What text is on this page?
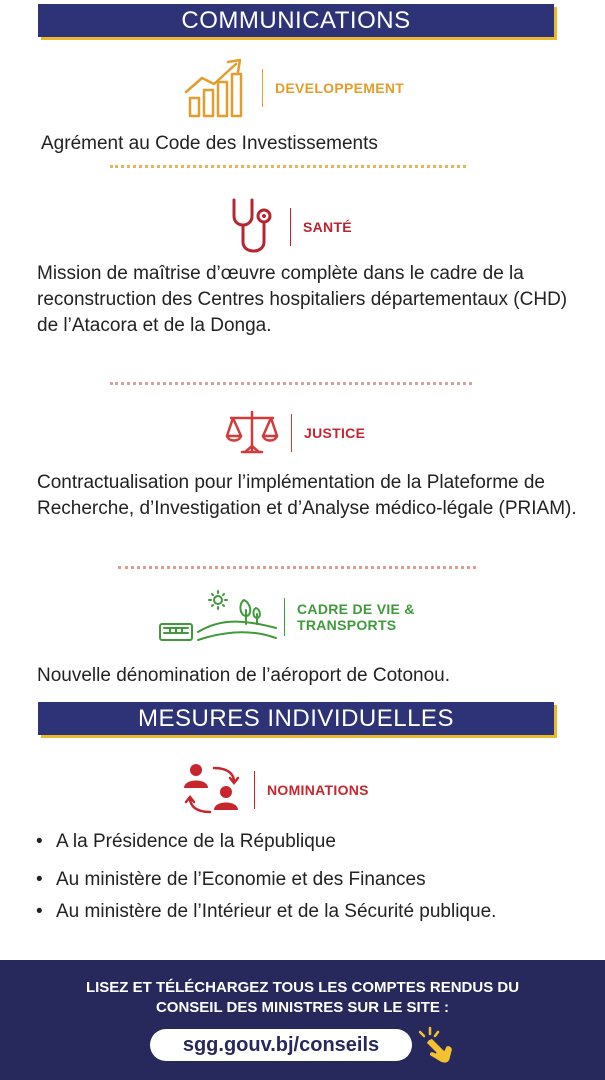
COMMUNICATIONS
DEVELOPPEMENT
Agrément au Code des Investissements
SANTÉ
Mission de maîtrise d’œuvre complète dans le cadre de la reconstruction des Centres hospitaliers départementaux (CHD) de l’Atacora et de la Donga.
JUSTICE
Contractualisation pour l’implémentation de la Plateforme de Recherche, d’Investigation et d’Analyse médico-légale (PRIAM).
CADRE DE VIE &
TRANSPORTS
Nouvelle dénomination de l’aéroport de Cotonou.
MESURES INDIVIDUELLES
NOMINATIONS
• A la Présidence de la République
• Au ministère de l’Economie et des Finances
• Au ministère de l’Intérieur et de la Sécurité publique.
LISEZ ET TÉLÉCHARGEZ TOUS LES COMPTES RENDUS DU
CONSEIL DES MINISTRES SUR LE SITE :
sgg.gouv.bj/conseils
